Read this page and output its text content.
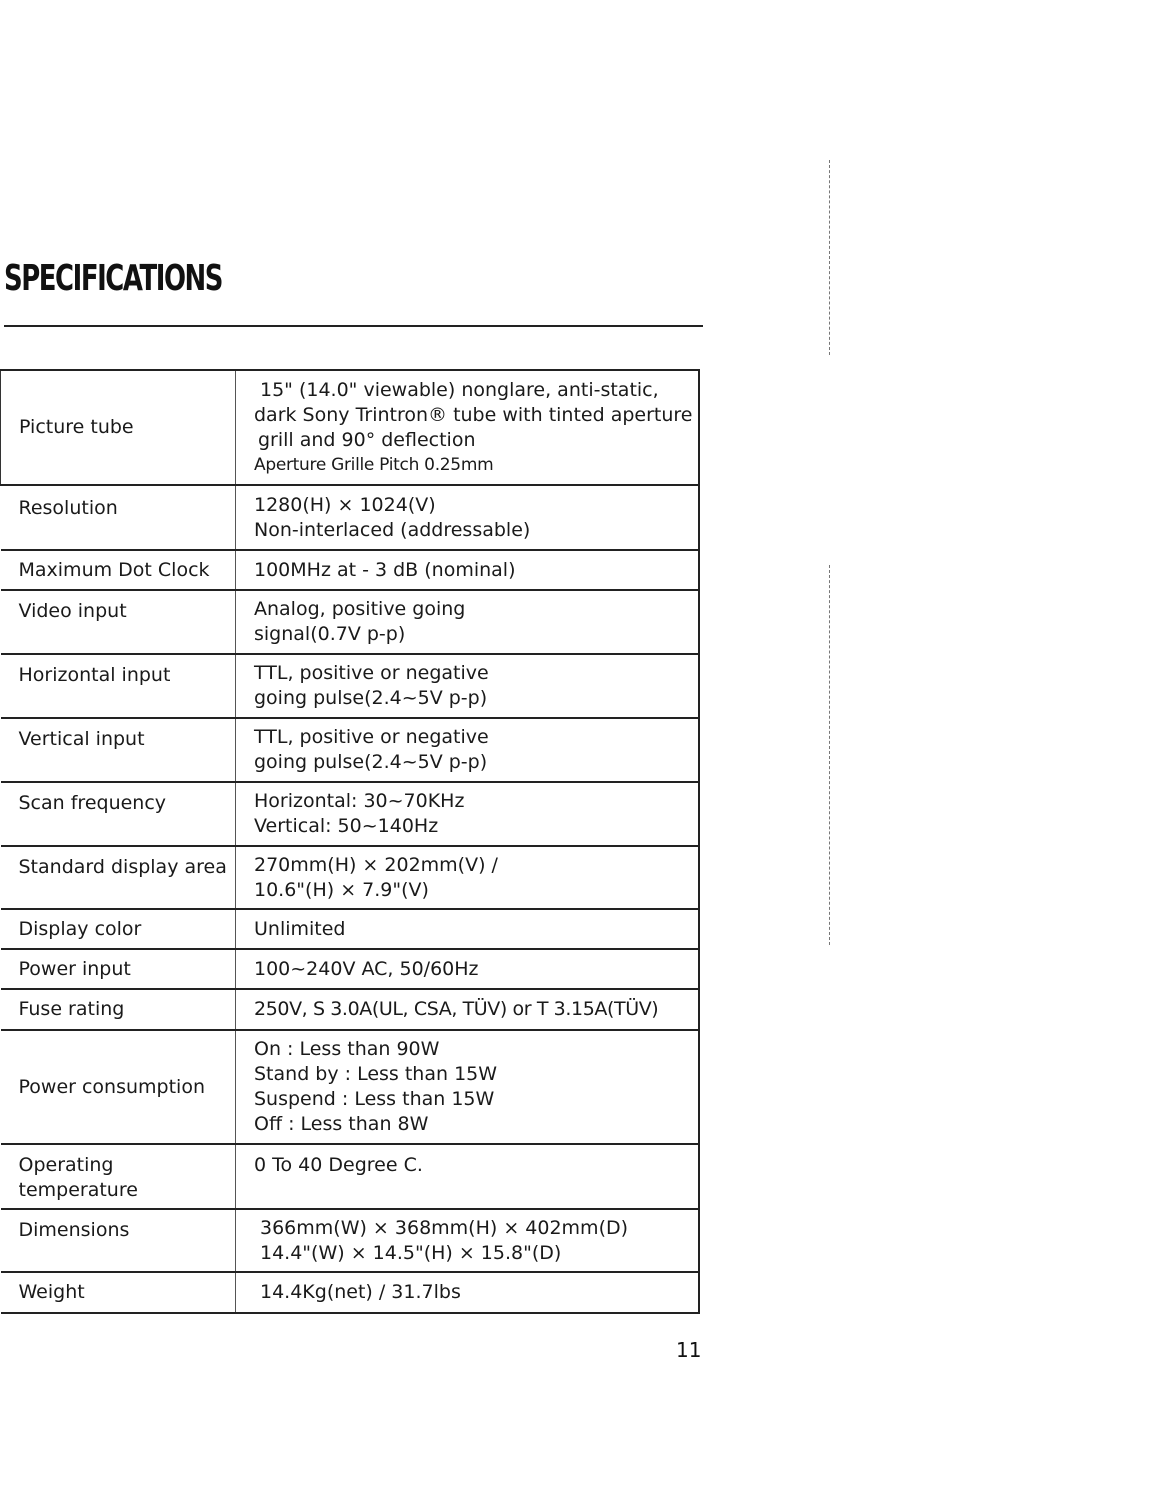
SPECIFICATIONS
Picture tube	15" (14.0" viewable) nonglare, anti-static,
dark Sony Trintron® tube with tinted aperture
grill and 90° deflection
Aperture Grille Pitch 0.25mm

Resolution	1280(H) × 1024(V)
Non-interlaced (addressable)

Maximum Dot Clock	100MHz at - 3 dB (nominal)

Video input	Analog, positive going
signal(0.7V p-p)

Horizontal input	TTL, positive or negative
going pulse(2.4~5V p-p)

Vertical input	TTL, positive or negative
going pulse(2.4~5V p-p)

Scan frequency	Horizontal: 30~70KHz
Vertical: 50~140Hz

Standard display area	270mm(H) × 202mm(V) /
10.6"(H) × 7.9"(V)

Display color	Unlimited

Power input	100~240V AC, 50/60Hz

Fuse rating	250V, S 3.0A(UL, CSA, TÜV) or T 3.15A(TÜV)

Power consumption	On : Less than 90W
Stand by : Less than 15W
Suspend : Less than 15W
Off : Less than 8W

Operating
temperature	0 To 40 Degree C.

Dimensions	366mm(W) × 368mm(H) × 402mm(D)
14.4"(W) × 14.5"(H) × 15.8"(D)

Weight	14.4Kg(net) / 31.7lbs
11
